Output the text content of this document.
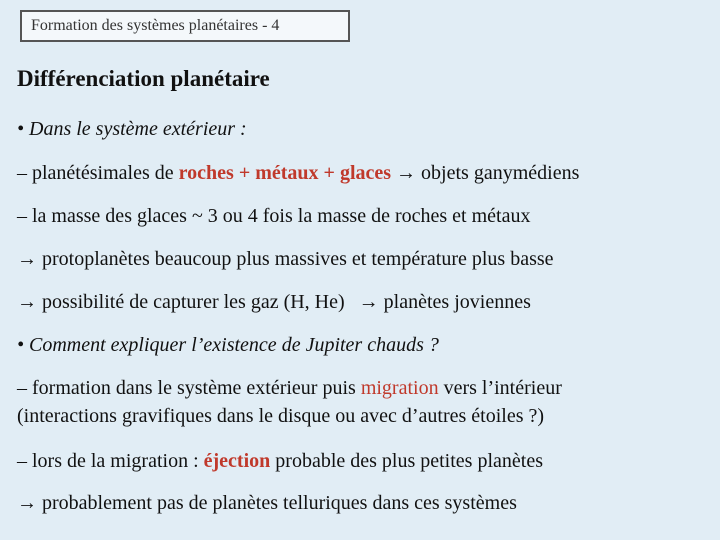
Formation des systèmes planétaires - 4
Différenciation planétaire
• Dans le système extérieur :
– planétésimales de roches + métaux + glaces → objets ganymédiens
– la masse des glaces ~ 3 ou 4 fois la masse de roches et métaux
→ protoplanètes beaucoup plus massives et température plus basse
→ possibilité de capturer les gaz (H, He) → planètes joviennes
• Comment expliquer l’existence de Jupiter chauds ?
– formation dans le système extérieur puis migration vers l’intérieur
(interactions gravifiques dans le disque ou avec d’autres étoiles ?)
– lors de la migration : éjection probable des plus petites planètes
→ probablement pas de planètes telluriques dans ces systèmes
